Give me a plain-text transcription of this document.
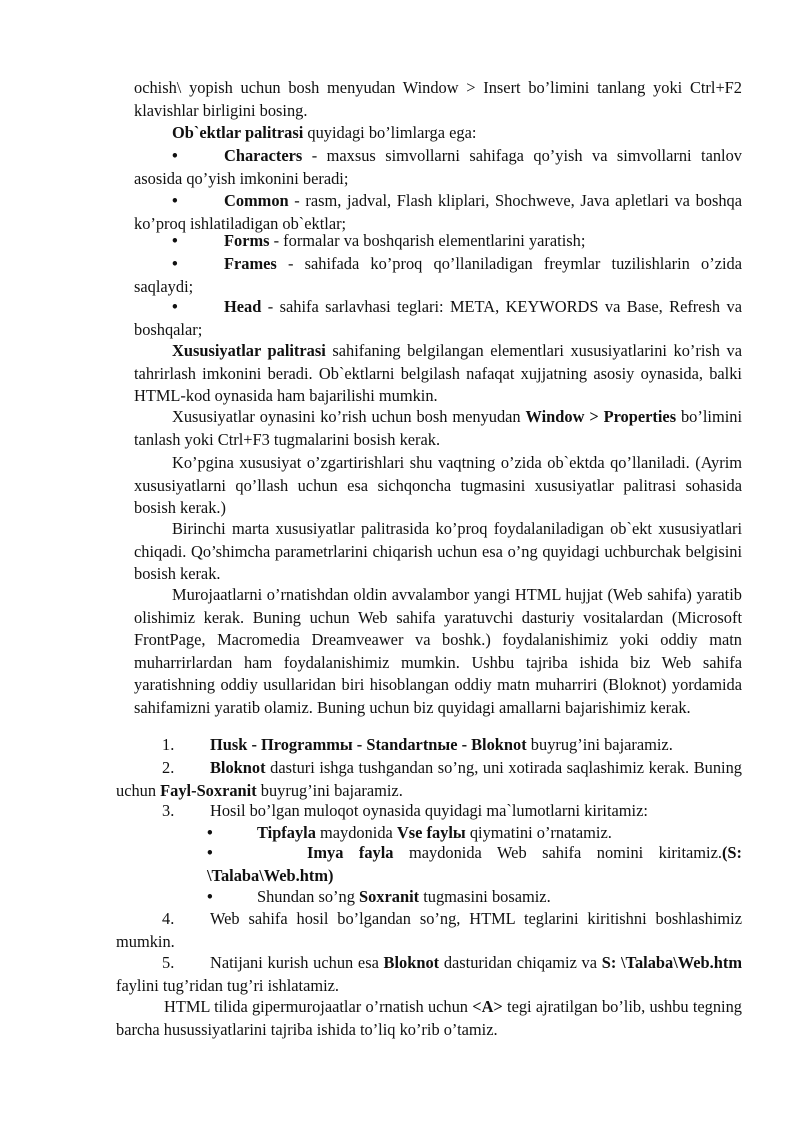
ochish\ yopish uchun bosh menyudan Window > Insert bo’limini tanlang yoki Ctrl+F2 klavishlar birligini bosing.

Ob`ektlar palitrasi quyidagi bo’limlarga ega:

•	Characters - maxsus simvollarni sahifaga qo’yish va simvollarni tanlov asosida qo’yish imkonini beradi;

•	Common - rasm, jadval, Flash kliplari, Shochweve, Java apletlari va boshqa ko’proq ishlatiladigan ob`ektlar;

•	Forms - formalar va boshqarish elementlarini yaratish;

•	Frames - sahifada ko’proq qo’llaniladigan freymlar tuzilishlarin o’zida saqlaydi;

•	Head - sahifa sarlavhasi teglari: META, KEYWORDS va Base, Refresh va boshqalar;

Xususiyatlar palitrasi sahifaning belgilangan elementlari xususiyatlarini ko’rish va tahrirlash imkonini beradi. Ob`ektlarni belgilash nafaqat xujjatning asosiy oynasida, balki HTML-kod oynasida ham bajarilishi mumkin.

Xususiyatlar oynasini ko’rish uchun bosh menyudan Window > Properties bo’limini tanlash yoki Ctrl+F3 tugmalarini bosish kerak.

Ko’pgina xususiyat o’zgartirishlari shu vaqtning o’zida ob`ektda qo’llaniladi. (Ayrim xususiyatlarni qo’llash uchun esa sichqoncha tugmasini xususiyatlar palitrasi sohasida bosish kerak.)

Birinchi marta xususiyatlar palitrasida ko’proq foydalaniladigan ob`ekt xususiyatlari chiqadi. Qo’shimcha parametrlarini chiqarish uchun esa o’ng quyidagi uchburchak belgisini bosish kerak.

Murojaatlarni o’rnatishdan oldin avvalambor yangi HTML hujjat (Web sahifa) yaratib olishimiz kerak. Buning uchun Web sahifa yaratuvchi dasturiy vositalardan (Microsoft FrontPage, Macromedia Dreamveawer va boshk.) foydalanishimiz yoki oddiy matn muharrirlardan ham foydalanishimiz mumkin. Ushbu tajriba ishida biz Web sahifa yaratishning oddiy usullaridan biri hisoblangan oddiy matn muharriri (Bloknot) yordamida sahifamizni yaratib olamiz. Buning uchun biz quyidagi amallarni bajarishimiz kerak.

1.	Пusk - Пrogrammы - Standartnыe - Bloknot buyrug’ini bajaramiz.

2.	Bloknot dasturi ishga tushgandan so’ng, uni xotirada saqlashimiz kerak. Buning uchun Fayl-Soxranit buyrug’ini bajaramiz.

3.	Hosil bo’lgan muloqot oynasida quyidagi ma`lumotlarni kiritamiz:

•	Tipfayla maydonida Vse faylы qiymatini o’rnatamiz.

•	Imya fayla maydonida Web sahifa nomini kiritamiz.(S: \Talaba\Web.htm)

•	Shundan so’ng Soxranit tugmasini bosamiz.

4.	Web sahifa hosil bo’lgandan so’ng, HTML teglarini kiritishni boshlashimiz mumkin.

5.	Natijani kurish uchun esa Bloknot dasturidan chiqamiz va S: \Talaba\Web.htm faylini tug’ridan tug’ri ishlatamiz.

HTML tilida gipermurojaatlar o’rnatish uchun <A> tegi ajratilgan bo’lib, ushbu tegning barcha husussiyatlarini tajriba ishida to’liq ko’rib o’tamiz.
